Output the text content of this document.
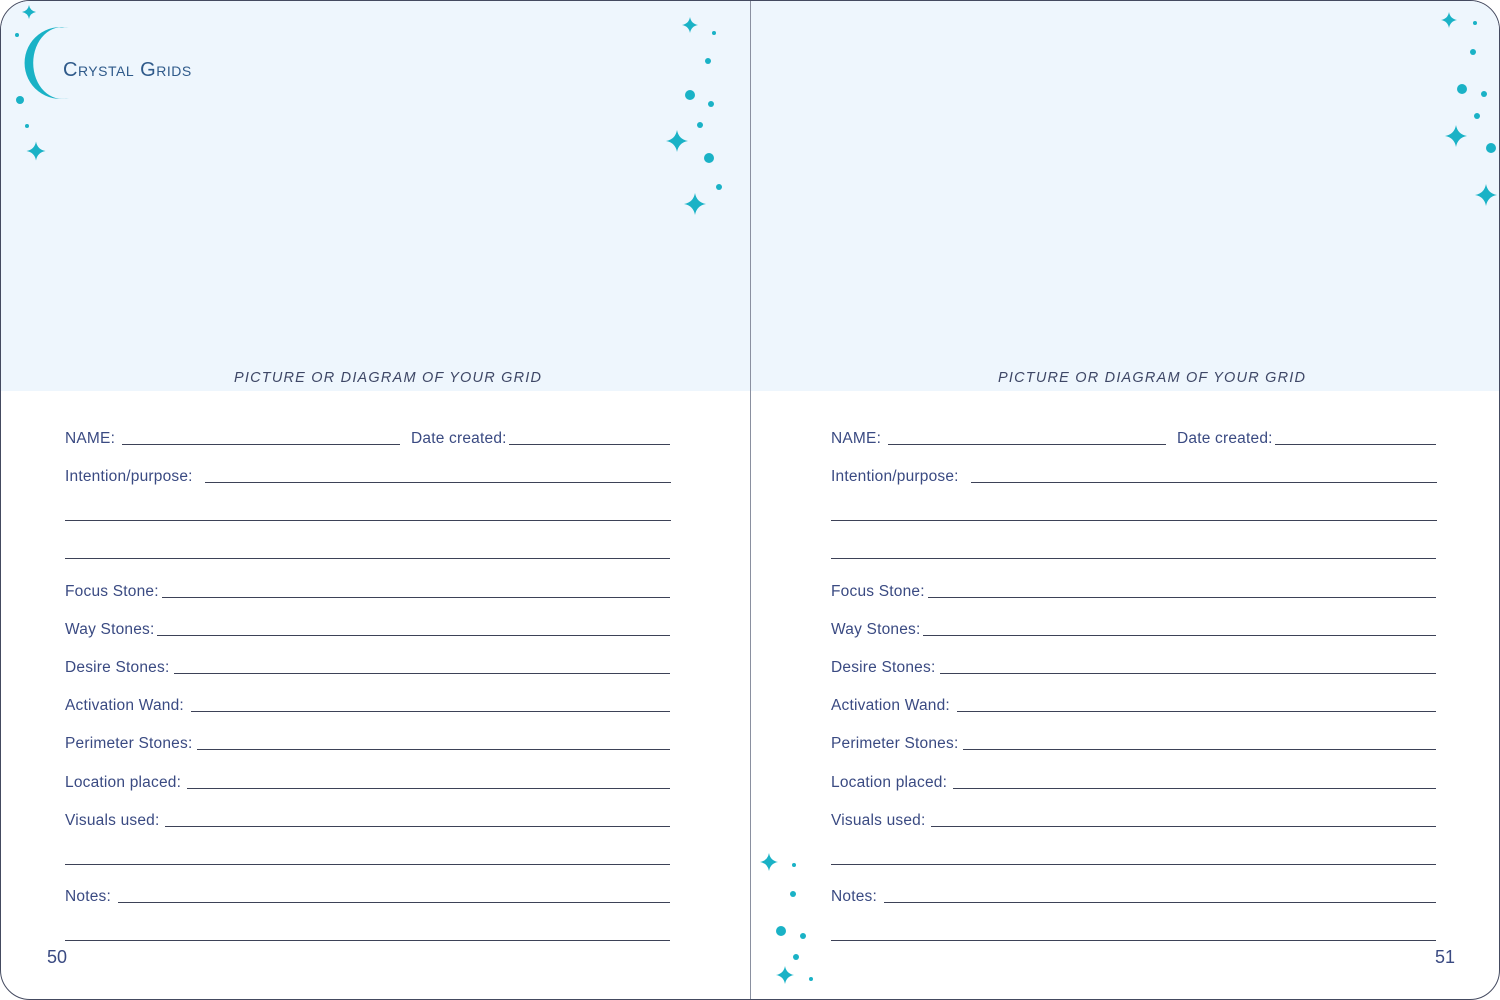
PICTURE OR DIAGRAM OF YOUR GRID
Crystal Grids
NAME:	Date created:
Intention/purpose:
Focus Stone:
Way Stones:
Desire Stones:
Activation Wand:
Perimeter Stones:
Location placed:
Visuals used:
Notes:
50
PICTURE OR DIAGRAM OF YOUR GRID
NAME:	Date created:
Intention/purpose:
Focus Stone:
Way Stones:
Desire Stones:
Activation Wand:
Perimeter Stones:
Location placed:
Visuals used:
Notes:
51
